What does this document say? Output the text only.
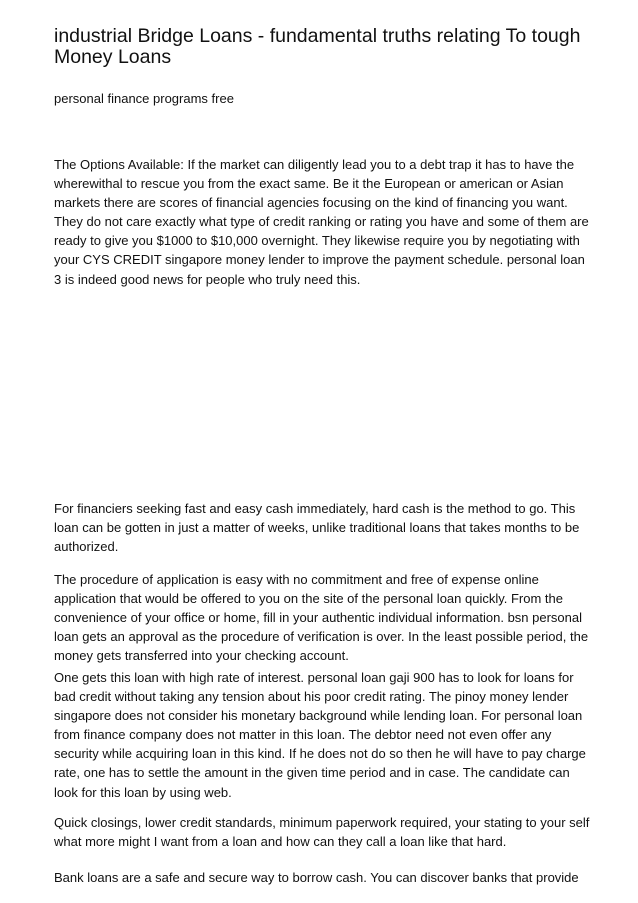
industrial Bridge Loans - fundamental truths relating To tough
Money Loans

personal finance programs free

The Options Available: If the market can diligently lead you to a debt trap it has to have the
wherewithal to rescue you from the exact same. Be it the European or american or Asian
markets there are scores of financial agencies focusing on the kind of financing you want.
They do not care exactly what type of credit ranking or rating you have and some of them are
ready to give you $1000 to $10,000 overnight. They likewise require you by negotiating with
your CYS CREDIT singapore money lender to improve the payment schedule. personal loan
3 is indeed good news for people who truly need this.

For financiers seeking fast and easy cash immediately, hard cash is the method to go. This
loan can be gotten in just a matter of weeks, unlike traditional loans that takes months to be
authorized.

The procedure of application is easy with no commitment and free of expense online
application that would be offered to you on the site of the personal loan quickly. From the
convenience of your office or home, fill in your authentic individual information. bsn personal
loan gets an approval as the procedure of verification is over. In the least possible period, the
money gets transferred into your checking account.

One gets this loan with high rate of interest. personal loan gaji 900 has to look for loans for
bad credit without taking any tension about his poor credit rating. The pinoy money lender
singapore does not consider his monetary background while lending loan. For personal loan
from finance company does not matter in this loan. The debtor need not even offer any
security while acquiring loan in this kind. If he does not do so then he will have to pay charge
rate, one has to settle the amount in the given time period and in case. The candidate can
look for this loan by using web.

Quick closings, lower credit standards, minimum paperwork required, your stating to your self
what more might I want from a loan and how can they call a loan like that hard.

Bank loans are a safe and secure way to borrow cash. You can discover banks that provide
